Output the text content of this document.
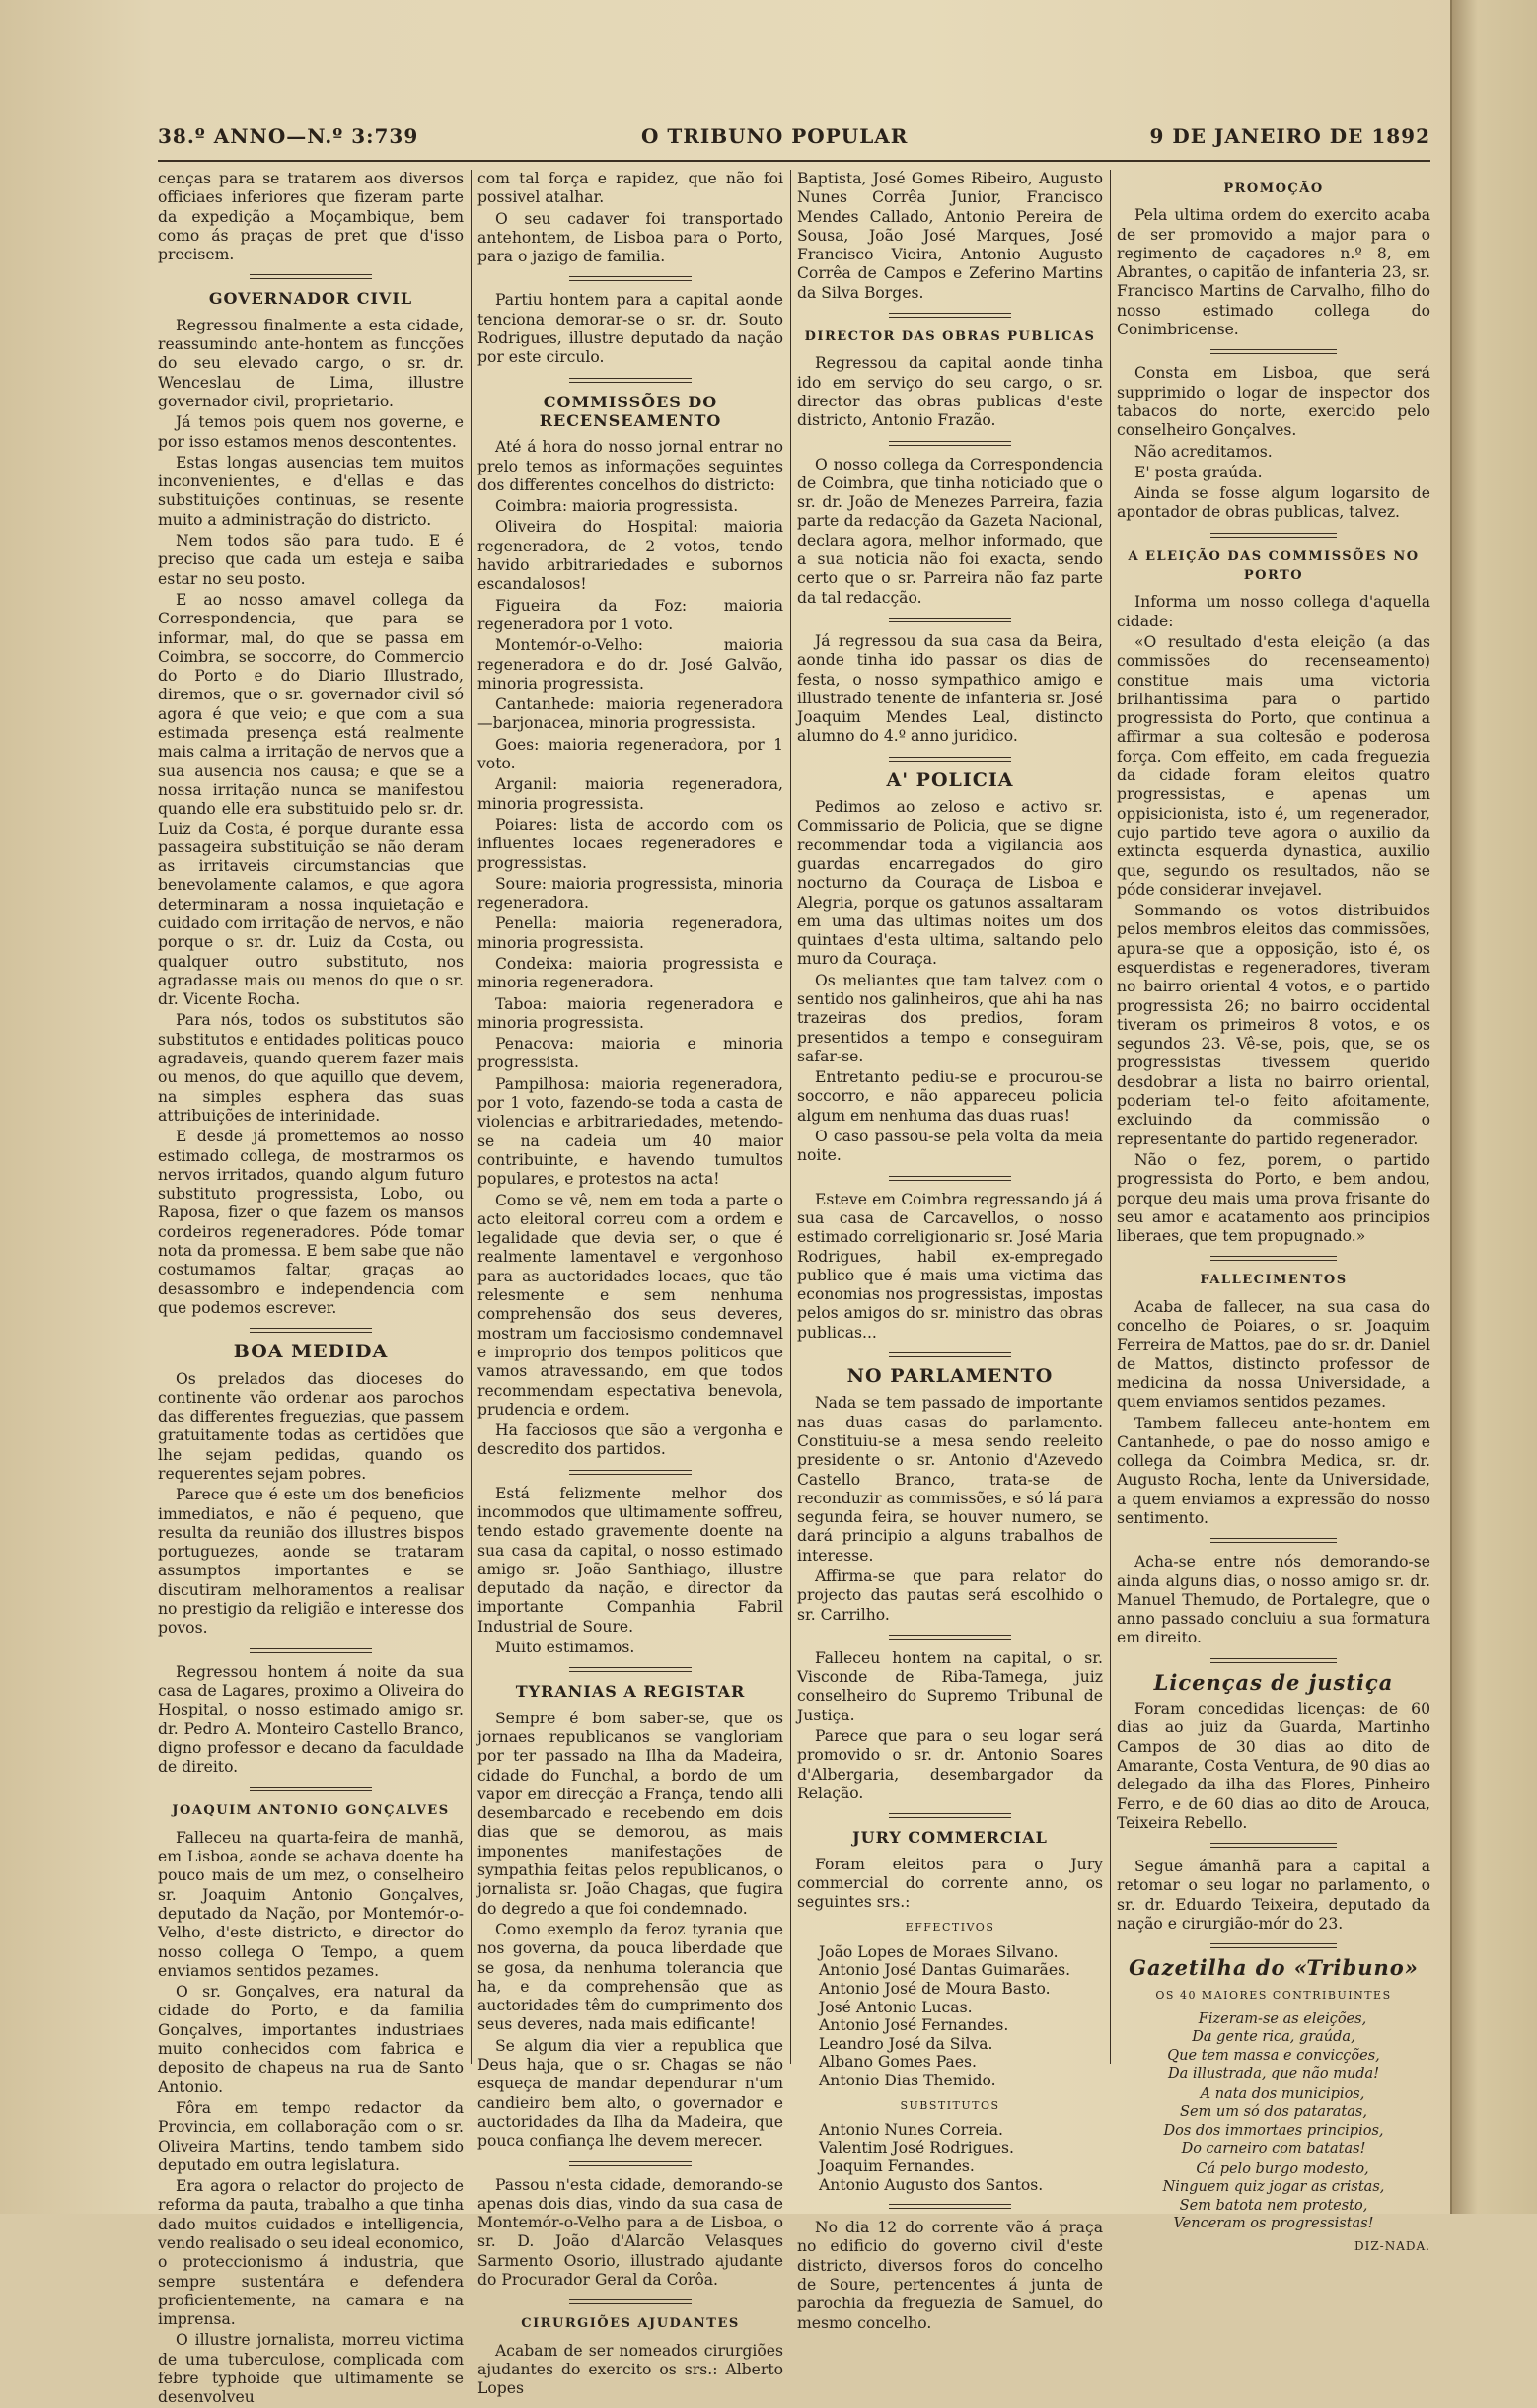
38.º ANNO—N.º 3:739	O TRIBUNO POPULAR	9 DE JANEIRO DE 1892

cenças para se tratarem aos diversos officiaes inferiores que fizeram parte da expedição a Moçambique, bem como ás praças de pret que d'isso precisem.

GOVERNADOR CIVIL

Regressou finalmente a esta cidade, reassumindo ante-hontem as funcções do seu elevado cargo, o sr. dr. Wenceslau de Lima, illustre governador civil, proprietario.

Já temos pois quem nos governe, e por isso estamos menos descontentes.

Estas longas ausencias tem muitos inconvenientes, e d'ellas e das substituições continuas, se resente muito a administração do districto.

Nem todos são para tudo. E é preciso que cada um esteja e saiba estar no seu posto.

E ao nosso amavel collega da Correspondencia, que para se informar, mal, do que se passa em Coimbra, se soccorre, do Commercio do Porto e do Diario Illustrado, diremos, que o sr. governador civil só agora é que veio; e que com a sua estimada presença está realmente mais calma a irritação de nervos que a sua ausencia nos causa; e que se a nossa irritação nunca se manifestou quando elle era substituido pelo sr. dr. Luiz da Costa, é porque durante essa passageira substituição se não deram as irritaveis circumstancias que benevolamente calamos, e que agora determinaram a nossa inquietação e cuidado com irritação de nervos, e não porque o sr. dr. Luiz da Costa, ou qualquer outro substituto, nos agradasse mais ou menos do que o sr. dr. Vicente Rocha.

Para nós, todos os substitutos são substitutos e entidades politicas pouco agradaveis, quando querem fazer mais ou menos, do que aquillo que devem, na simples esphera das suas attribuições de interinidade.

E desde já promettemos ao nosso estimado collega, de mostrarmos os nervos irritados, quando algum futuro substituto progressista, Lobo, ou Raposa, fizer o que fazem os mansos cordeiros regeneradores. Póde tomar nota da promessa. E bem sabe que não costumamos faltar, graças ao desassombro e independencia com que podemos escrever.

BOA MEDIDA

Os prelados das dioceses do continente vão ordenar aos parochos das differentes freguezias, que passem gratuitamente todas as certidões que lhe sejam pedidas, quando os requerentes sejam pobres.

Parece que é este um dos beneficios immediatos, e não é pequeno, que resulta da reunião dos illustres bispos portuguezes, aonde se trataram assumptos importantes e se discutiram melhoramentos a realisar no prestigio da religião e interesse dos povos.

Regressou hontem á noite da sua casa de Lagares, proximo a Oliveira do Hospital, o nosso estimado amigo sr. dr. Pedro A. Monteiro Castello Branco, digno professor e decano da faculdade de direito.

JOAQUIM ANTONIO GONÇALVES

Falleceu na quarta-feira de manhã, em Lisboa, aonde se achava doente ha pouco mais de um mez, o conselheiro sr. Joaquim Antonio Gonçalves, deputado da Nação, por Montemór-o-Velho, d'este districto, e director do nosso collega O Tempo, a quem enviamos sentidos pezames.

O sr. Gonçalves, era natural da cidade do Porto, e da familia Gonçalves, importantes industriaes muito conhecidos com fabrica e deposito de chapeus na rua de Santo Antonio.

Fôra em tempo redactor da Provincia, em collaboração com o sr. Oliveira Martins, tendo tambem sido deputado em outra legislatura.

Era agora o relactor do projecto de reforma da pauta, trabalho a que tinha dado muitos cuidados e intelligencia, vendo realisado o seu ideal economico, o proteccionismo á industria, que sempre sustentára e defendera proficientemente, na camara e na imprensa.

O illustre jornalista, morreu victima de uma tuberculose, complicada com febre typhoide que ultimamente se desenvolveu

com tal força e rapidez, que não foi possivel atalhar.

O seu cadaver foi transportado antehontem, de Lisboa para o Porto, para o jazigo de familia.

Partiu hontem para a capital aonde tenciona demorar-se o sr. dr. Souto Rodrigues, illustre deputado da nação por este circulo.

COMMISSÕES DO RECENSEAMENTO

Até á hora do nosso jornal entrar no prelo temos as informações seguintes dos differentes concelhos do districto:

Coimbra: maioria progressista.

Oliveira do Hospital: maioria regeneradora, de 2 votos, tendo havido arbitrariedades e subornos escandalosos!

Figueira da Foz: maioria regeneradora por 1 voto.

Montemór-o-Velho: maioria regeneradora e do dr. José Galvão, minoria progressista.

Cantanhede: maioria regeneradora—barjonacea, minoria progressista.

Goes: maioria regeneradora, por 1 voto.

Arganil: maioria regeneradora, minoria progressista.

Poiares: lista de accordo com os influentes locaes regeneradores e progressistas.

Soure: maioria progressista, minoria regeneradora.

Penella: maioria regeneradora, minoria progressista.

Condeixa: maioria progressista e minoria regeneradora.

Taboa: maioria regeneradora e minoria progressista.

Penacova: maioria e minoria progressista.

Pampilhosa: maioria regeneradora, por 1 voto, fazendo-se toda a casta de violencias e arbitrariedades, metendo-se na cadeia um 40 maior contribuinte, e havendo tumultos populares, e protestos na acta!

Como se vê, nem em toda a parte o acto eleitoral correu com a ordem e legalidade que devia ser, o que é realmente lamentavel e vergonhoso para as auctoridades locaes, que tão relesmente e sem nenhuma comprehensão dos seus deveres, mostram um facciosismo condemnavel e improprio dos tempos politicos que vamos atravessando, em que todos recommendam espectativa benevola, prudencia e ordem.

Ha facciosos que são a vergonha e descredito dos partidos.

Está felizmente melhor dos incommodos que ultimamente soffreu, tendo estado gravemente doente na sua casa da capital, o nosso estimado amigo sr. João Santhiago, illustre deputado da nação, e director da importante Companhia Fabril Industrial de Soure.

Muito estimamos.

TYRANIAS A REGISTAR

Sempre é bom saber-se, que os jornaes republicanos se vangloriam por ter passado na Ilha da Madeira, cidade do Funchal, a bordo de um vapor em direcção a França, tendo alli desembarcado e recebendo em dois dias que se demorou, as mais imponentes manifestações de sympathia feitas pelos republicanos, o jornalista sr. João Chagas, que fugira do degredo a que foi condemnado.

Como exemplo da feroz tyrania que nos governa, da pouca liberdade que se gosa, da nenhuma tolerancia que ha, e da comprehensão que as auctoridades têm do cumprimento dos seus deveres, nada mais edificante!

Se algum dia vier a republica que Deus haja, que o sr. Chagas se não esqueça de mandar dependurar n'um candieiro bem alto, o governador e auctoridades da Ilha da Madeira, que pouca confiança lhe devem merecer.

Passou n'esta cidade, demorando-se apenas dois dias, vindo da sua casa de Montemór-o-Velho para a de Lisboa, o sr. D. João d'Alarcão Velasques Sarmento Osorio, illustrado ajudante do Procurador Geral da Corôa.

CIRURGIÕES AJUDANTES

Acabam de ser nomeados cirurgiões ajudantes do exercito os srs.: Alberto Lopes

Baptista, José Gomes Ribeiro, Augusto Nunes Corrêa Junior, Francisco Mendes Callado, Antonio Pereira de Sousa, João José Marques, José Francisco Vieira, Antonio Augusto Corrêa de Campos e Zeferino Martins da Silva Borges.

DIRECTOR DAS OBRAS PUBLICAS

Regressou da capital aonde tinha ido em serviço do seu cargo, o sr. director das obras publicas d'este districto, Antonio Frazão.

O nosso collega da Correspondencia de Coimbra, que tinha noticiado que o sr. dr. João de Menezes Parreira, fazia parte da redacção da Gazeta Nacional, declara agora, melhor informado, que a sua noticia não foi exacta, sendo certo que o sr. Parreira não faz parte da tal redacção.

Já regressou da sua casa da Beira, aonde tinha ido passar os dias de festa, o nosso sympathico amigo e illustrado tenente de infanteria sr. José Joaquim Mendes Leal, distincto alumno do 4.º anno juridico.

A' POLICIA

Pedimos ao zeloso e activo sr. Commissario de Policia, que se digne recommendar toda a vigilancia aos guardas encarregados do giro nocturno da Couraça de Lisboa e Alegria, porque os gatunos assaltaram em uma das ultimas noites um dos quintaes d'esta ultima, saltando pelo muro da Couraça.

Os meliantes que tam talvez com o sentido nos galinheiros, que ahi ha nas trazeiras dos predios, foram presentidos a tempo e conseguiram safar-se.

Entretanto pediu-se e procurou-se soccorro, e não appareceu policia algum em nenhuma das duas ruas!

O caso passou-se pela volta da meia noite.

Esteve em Coimbra regressando já á sua casa de Carcavellos, o nosso estimado correligionario sr. José Maria Rodrigues, habil ex-empregado publico que é mais uma victima das economias nos progressistas, impostas pelos amigos do sr. ministro das obras publicas...

NO PARLAMENTO

Nada se tem passado de importante nas duas casas do parlamento. Constituiu-se a mesa sendo reeleito presidente o sr. Antonio d'Azevedo Castello Branco, trata-se de reconduzir as commissões, e só lá para segunda feira, se houver numero, se dará principio a alguns trabalhos de interesse.

Affirma-se que para relator do projecto das pautas será escolhido o sr. Carrilho.

Falleceu hontem na capital, o sr. Visconde de Riba-Tamega, juiz conselheiro do Supremo Tribunal de Justiça.

Parece que para o seu logar será promovido o sr. dr. Antonio Soares d'Albergaria, desembargador da Relação.

JURY COMMERCIAL

Foram eleitos para o Jury commercial do corrente anno, os seguintes srs.:

EFFECTIVOS
João Lopes de Moraes Silvano.
Antonio José Dantas Guimarães.
Antonio José de Moura Basto.
José Antonio Lucas.
Antonio José Fernandes.
Leandro José da Silva.
Albano Gomes Paes.
Antonio Dias Themido.
SUBSTITUTOS
Antonio Nunes Correia.
Valentim José Rodrigues.
Joaquim Fernandes.
Antonio Augusto dos Santos.

No dia 12 do corrente vão á praça no edificio do governo civil d'este districto, diversos foros do concelho de Soure, pertencentes á junta de parochia da freguezia de Samuel, do mesmo concelho.

PROMOÇÃO

Pela ultima ordem do exercito acaba de ser promovido a major para o regimento de caçadores n.º 8, em Abrantes, o capitão de infanteria 23, sr. Francisco Martins de Carvalho, filho do nosso estimado collega do Conimbricense.

Consta em Lisboa, que será supprimido o logar de inspector dos tabacos do norte, exercido pelo conselheiro Gonçalves.

Não acreditamos.

E' posta graúda.

Ainda se fosse algum logarsito de apontador de obras publicas, talvez.

A ELEIÇÃO DAS COMMISSÕES NO PORTO

Informa um nosso collega d'aquella cidade:

«O resultado d'esta eleição (a das commissões do recenseamento) constitue mais uma victoria brilhantissima para o partido progressista do Porto, que continua a affirmar a sua coltesão e poderosa força. Com effeito, em cada freguezia da cidade foram eleitos quatro progressistas, e apenas um oppisicionista, isto é, um regenerador, cujo partido teve agora o auxilio da extincta esquerda dynastica, auxilio que, segundo os resultados, não se póde considerar invejavel.

Sommando os votos distribuidos pelos membros eleitos das commissões, apura-se que a opposição, isto é, os esquerdistas e regeneradores, tiveram no bairro oriental 4 votos, e o partido progressista 26; no bairro occidental tiveram os primeiros 8 votos, e os segundos 23. Vê-se, pois, que, se os progressistas tivessem querido desdobrar a lista no bairro oriental, poderiam tel-o feito afoitamente, excluindo da commissão o representante do partido regenerador.

Não o fez, porem, o partido progressista do Porto, e bem andou, porque deu mais uma prova frisante do seu amor e acatamento aos principios liberaes, que tem propugnado.»

FALLECIMENTOS

Acaba de fallecer, na sua casa do concelho de Poiares, o sr. Joaquim Ferreira de Mattos, pae do sr. dr. Daniel de Mattos, distincto professor de medicina da nossa Universidade, a quem enviamos sentidos pezames.

Tambem falleceu ante-hontem em Cantanhede, o pae do nosso amigo e collega da Coimbra Medica, sr. dr. Augusto Rocha, lente da Universidade, a quem enviamos a expressão do nosso sentimento.

Acha-se entre nós demorando-se ainda alguns dias, o nosso amigo sr. dr. Manuel Themudo, de Portalegre, que o anno passado concluiu a sua formatura em direito.

Licenças de justiça

Foram concedidas licenças: de 60 dias ao juiz da Guarda, Martinho Campos de 30 dias ao dito de Amarante, Costa Ventura, de 90 dias ao delegado da ilha das Flores, Pinheiro Ferro, e de 60 dias ao dito de Arouca, Teixeira Rebello.

Segue ámanhã para a capital a retomar o seu logar no parlamento, o sr. dr. Eduardo Teixeira, deputado da nação e cirurgião-mór do 23.

Gazetilha do «Tribuno»
OS 40 MAIORES CONTRIBUINTES

Fizeram-se as eleições,
Da gente rica, graúda,
Que tem massa e convicções,
Da illustrada, que não muda!

A nata dos municipios,
Sem um só dos pataratas,
Dos dos immortaes principios,
Do carneiro com batatas!

Cá pelo burgo modesto,
Ninguem quiz jogar as cristas,
Sem batota nem protesto,
Venceram os progressistas!

DIZ-NADA.
